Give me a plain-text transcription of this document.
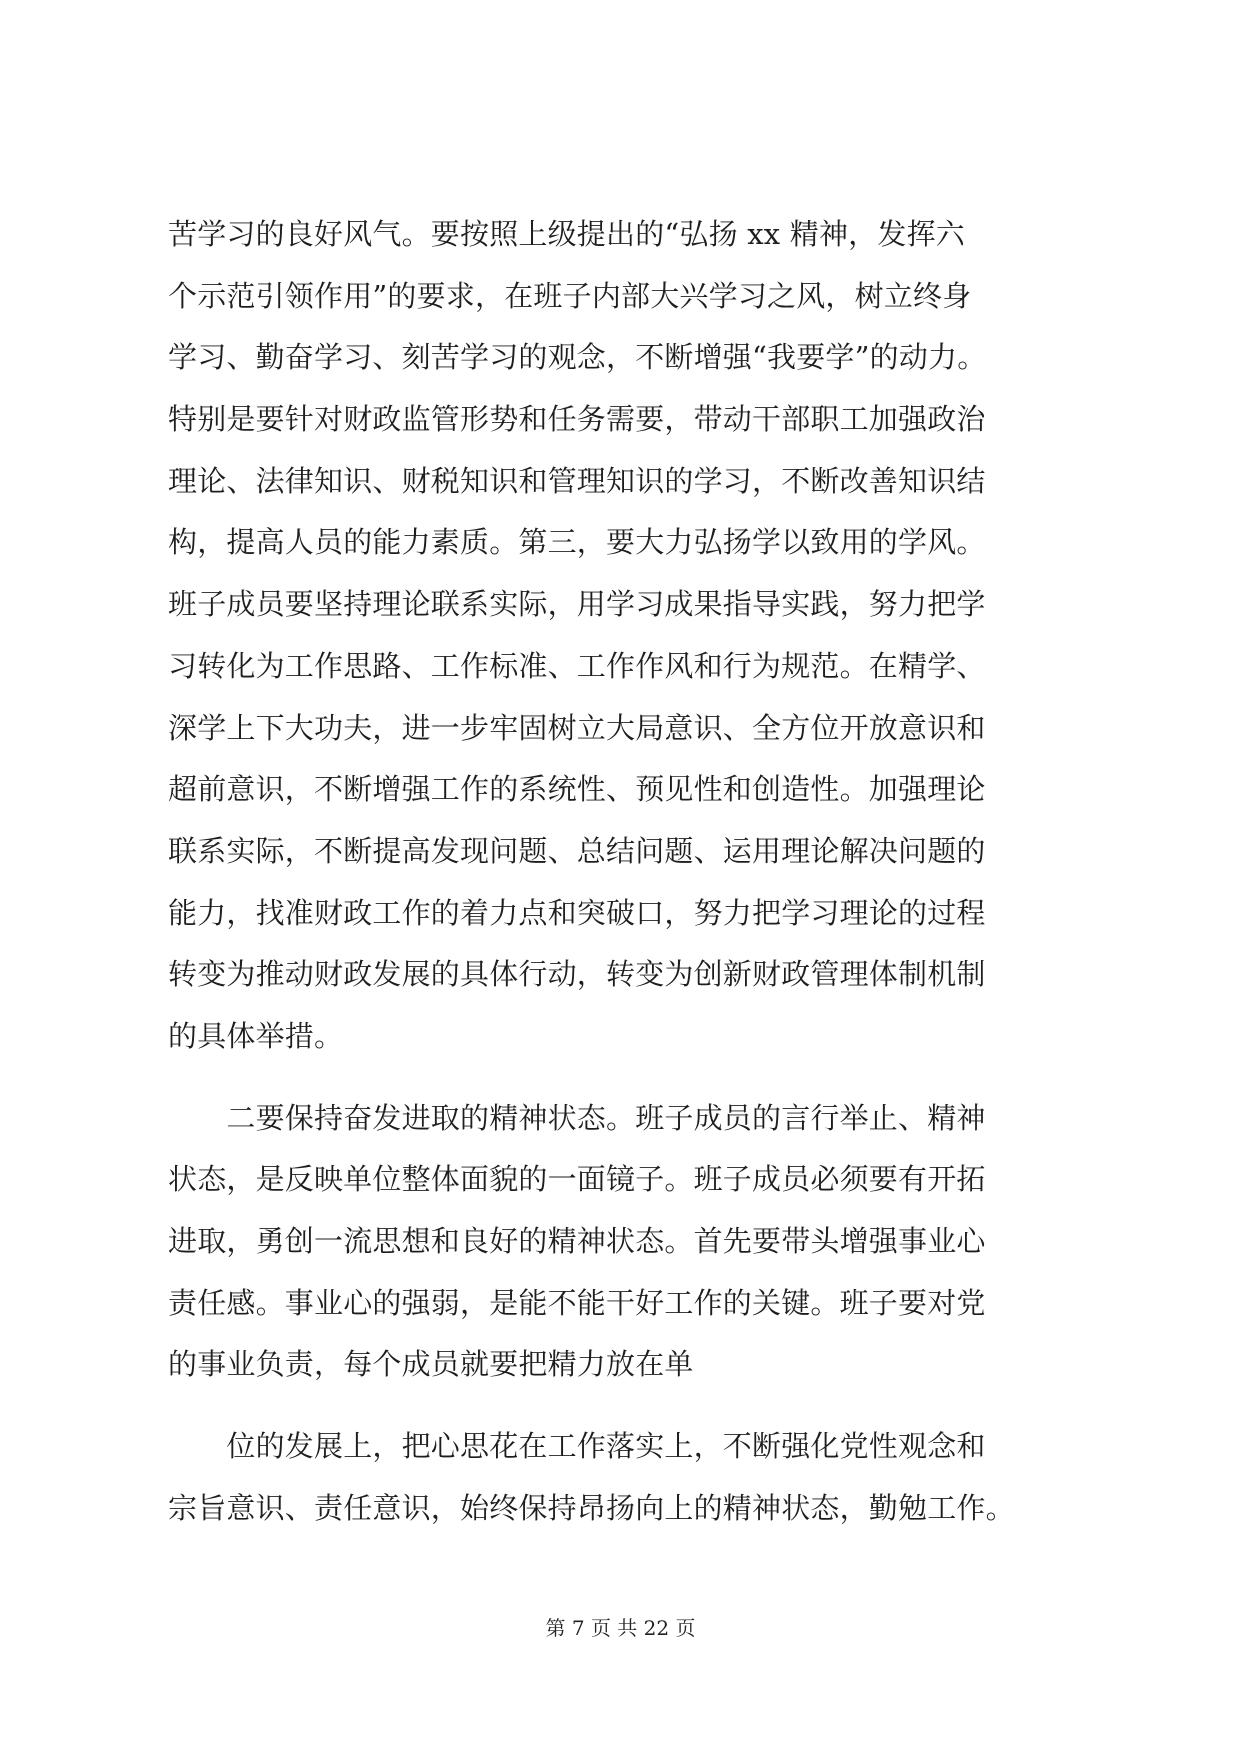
苦学习的良好风气。要按照上级提出的“弘扬 xx 精神，发挥六
个示范引领作用”的要求，在班子内部大兴学习之风，树立终身
学习、勤奋学习、刻苦学习的观念，不断增强“我要学”的动力。
特别是要针对财政监管形势和任务需要，带动干部职工加强政治
理论、法律知识、财税知识和管理知识的学习，不断改善知识结
构，提高人员的能力素质。第三，要大力弘扬学以致用的学风。
班子成员要坚持理论联系实际，用学习成果指导实践，努力把学
习转化为工作思路、工作标准、工作作风和行为规范。在精学、
深学上下大功夫，进一步牢固树立大局意识、全方位开放意识和
超前意识，不断增强工作的系统性、预见性和创造性。加强理论
联系实际，不断提高发现问题、总结问题、运用理论解决问题的
能力，找准财政工作的着力点和突破口，努力把学习理论的过程
转变为推动财政发展的具体行动，转变为创新财政管理体制机制
的具体举措。
　　二要保持奋发进取的精神状态。班子成员的言行举止、精神
状态，是反映单位整体面貌的一面镜子。班子成员必须要有开拓
进取，勇创一流思想和良好的精神状态。首先要带头增强事业心
责任感。事业心的强弱，是能不能干好工作的关键。班子要对党
的事业负责，每个成员就要把精力放在单
　　位的发展上，把心思花在工作落实上，不断强化党性观念和
宗旨意识、责任意识，始终保持昂扬向上的精神状态，勤勉工作。
第 7 页 共 22 页
